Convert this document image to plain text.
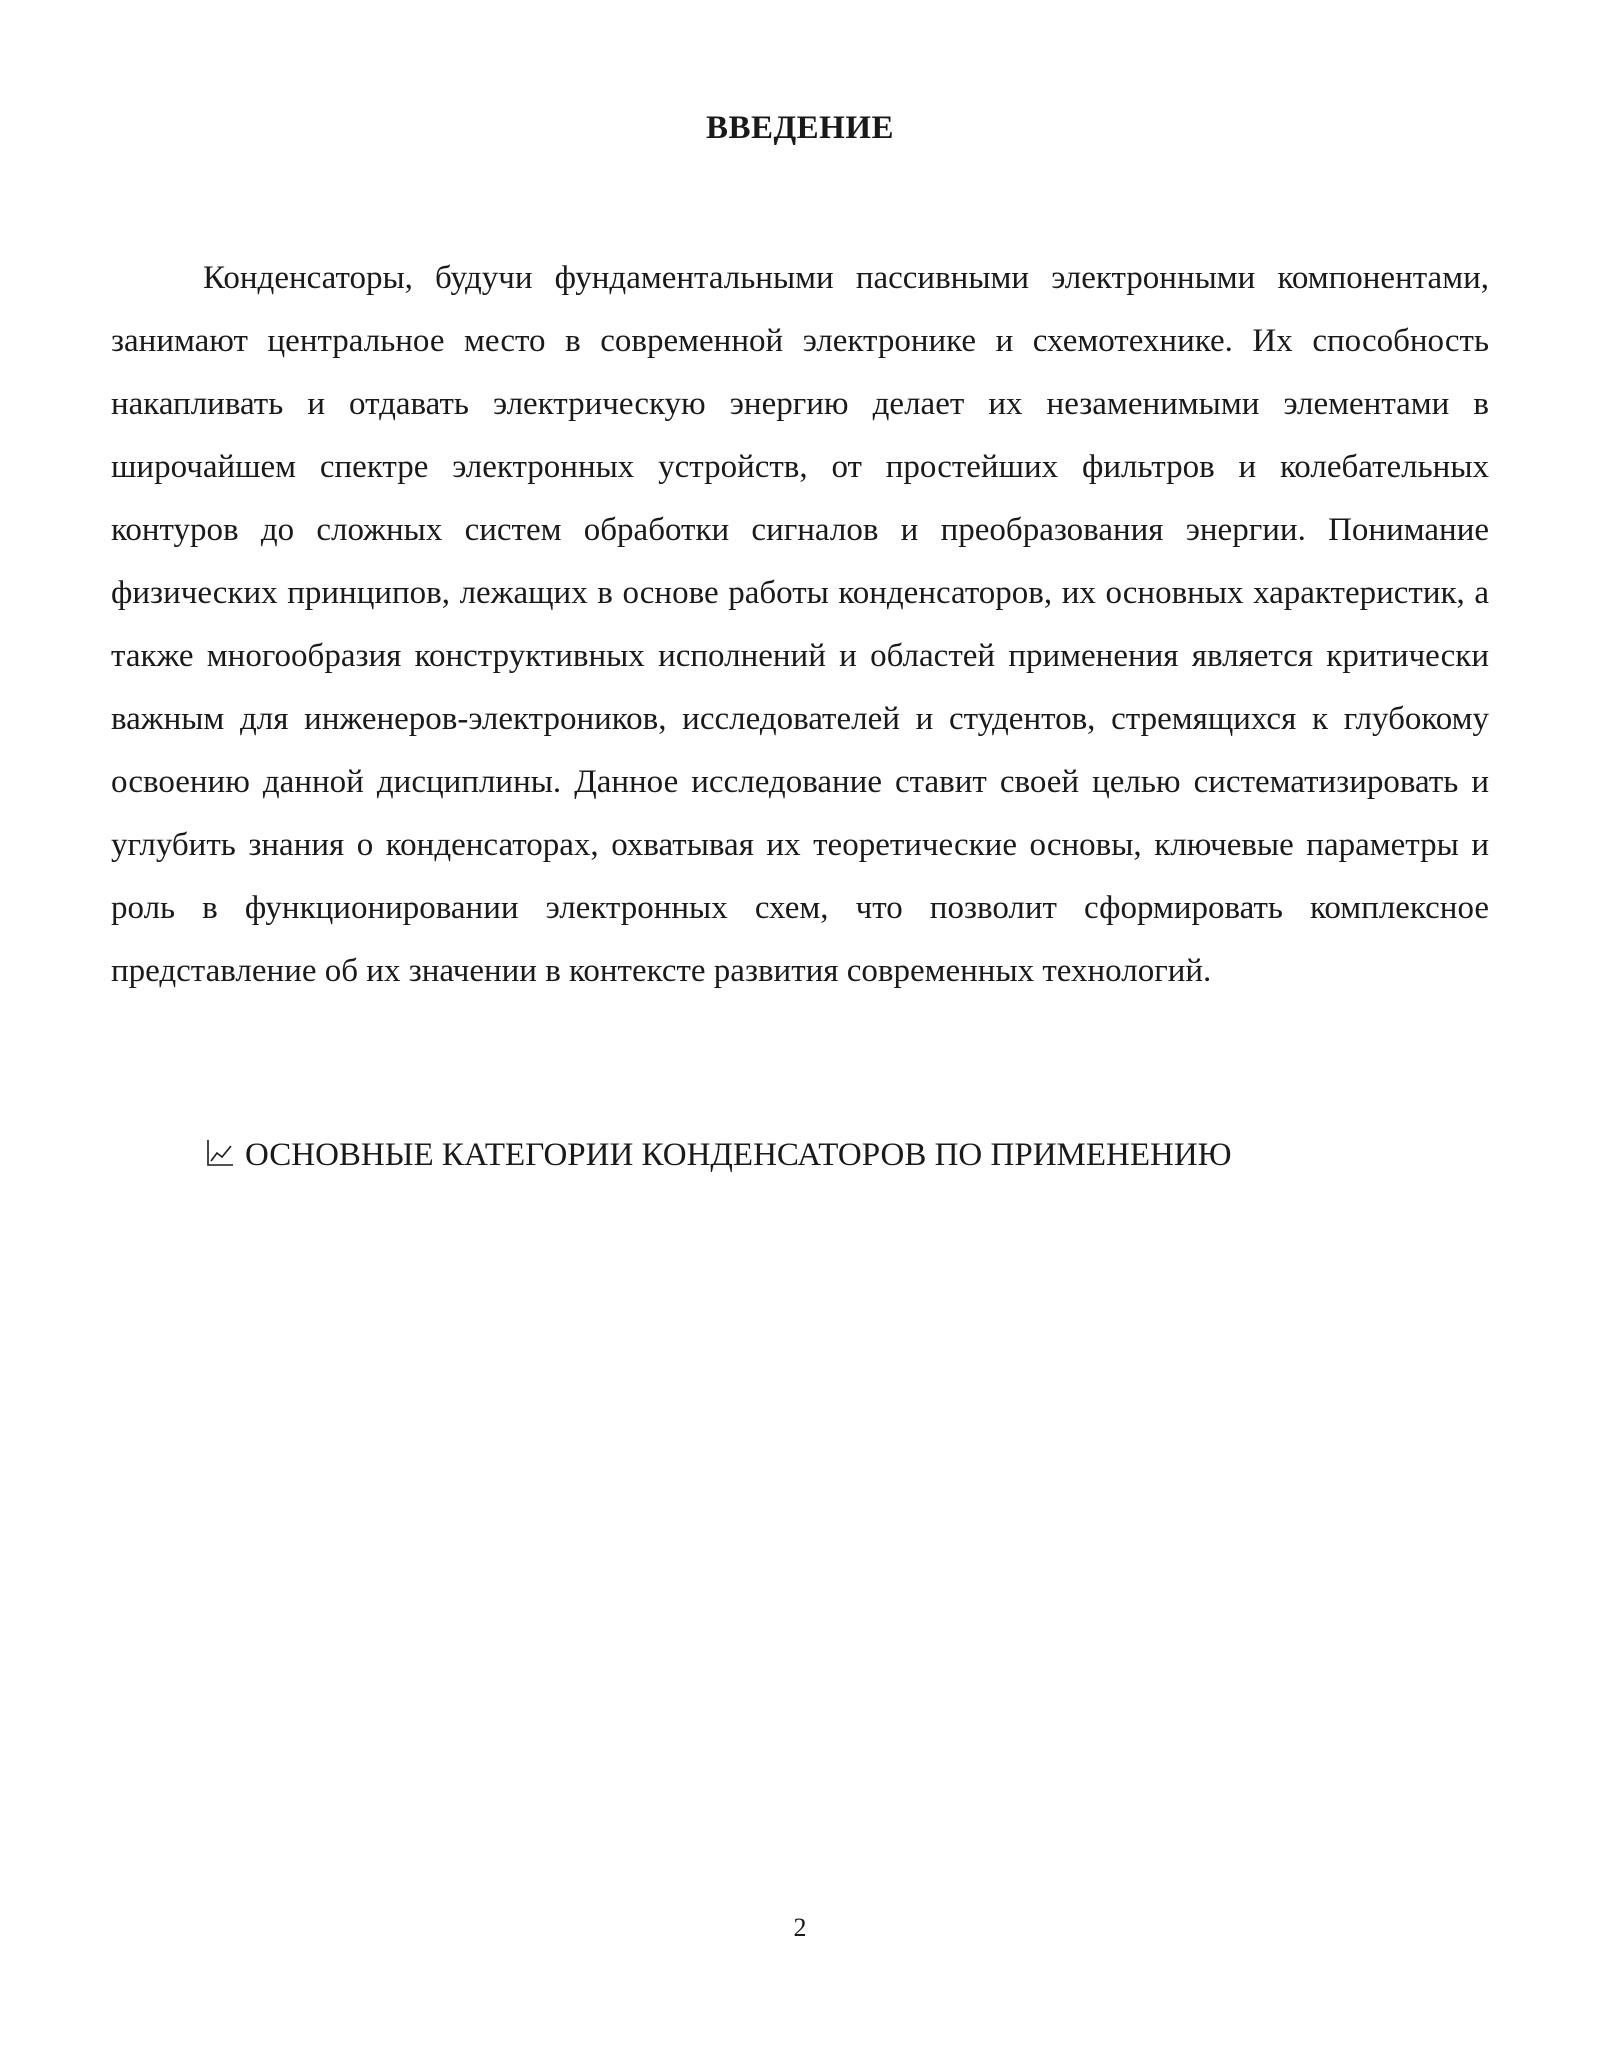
ВВЕДЕНИЕ

Конденсаторы, будучи фундаментальными пассивными электронными компонентами, занимают центральное место в современной электронике и схемотехнике. Их способность накапливать и отдавать электрическую энергию делает их незаменимыми элементами в широчайшем спектре электронных устройств, от простейших фильтров и колебательных контуров до сложных систем обработки сигналов и преобразования энергии. Понимание физических принципов, лежащих в основе работы конденсаторов, их основных характеристик, а также многообразия конструктивных исполнений и областей применения является критически важным для инженеров-электроников, исследователей и студентов, стремящихся к глубокому освоению данной дисциплины. Данное исследование ставит своей целью систематизировать и углубить знания о конденсаторах, охватывая их теоретические основы, ключевые параметры и роль в функционировании электронных схем, что позволит сформировать комплексное представление об их значении в контексте развития современных технологий.

ОСНОВНЫЕ КАТЕГОРИИ КОНДЕНСАТОРОВ ПО ПРИМЕНЕНИЮ
2
